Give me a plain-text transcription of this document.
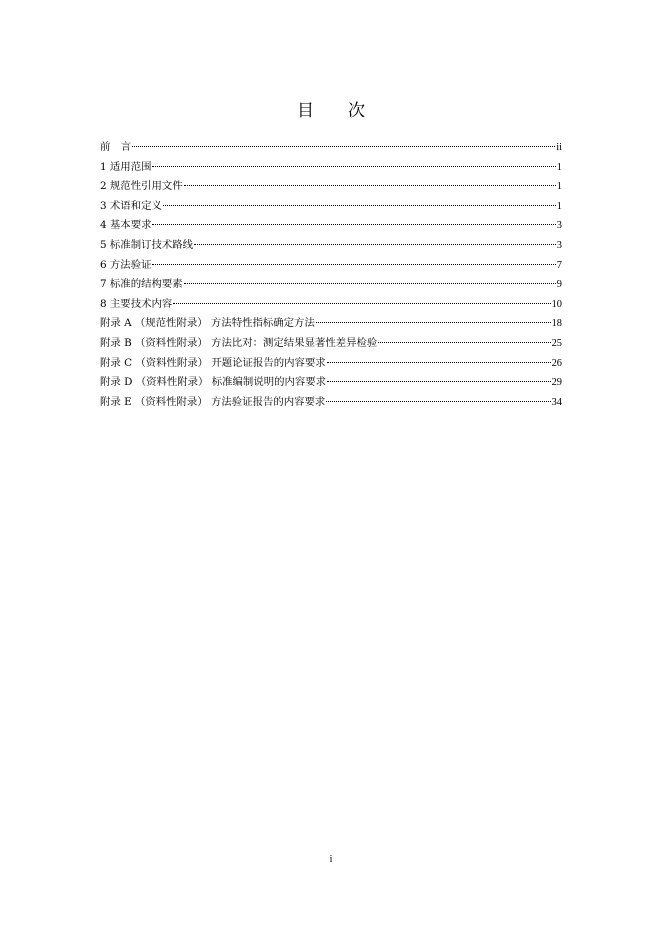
目　　次
前　言	ii
1 适用范围	1
2 规范性引用文件	1
3 术语和定义	1
4 基本要求	3
5 标准制订技术路线	3
6 方法验证	7
7 标准的结构要素	9
8 主要技术内容	10
附录 A （规范性附录） 方法特性指标确定方法	18
附录 B （资料性附录） 方法比对：测定结果显著性差异检验	25
附录 C （资料性附录） 开题论证报告的内容要求	26
附录 D （资料性附录） 标准编制说明的内容要求	29
附录 E （资料性附录） 方法验证报告的内容要求	34
i
